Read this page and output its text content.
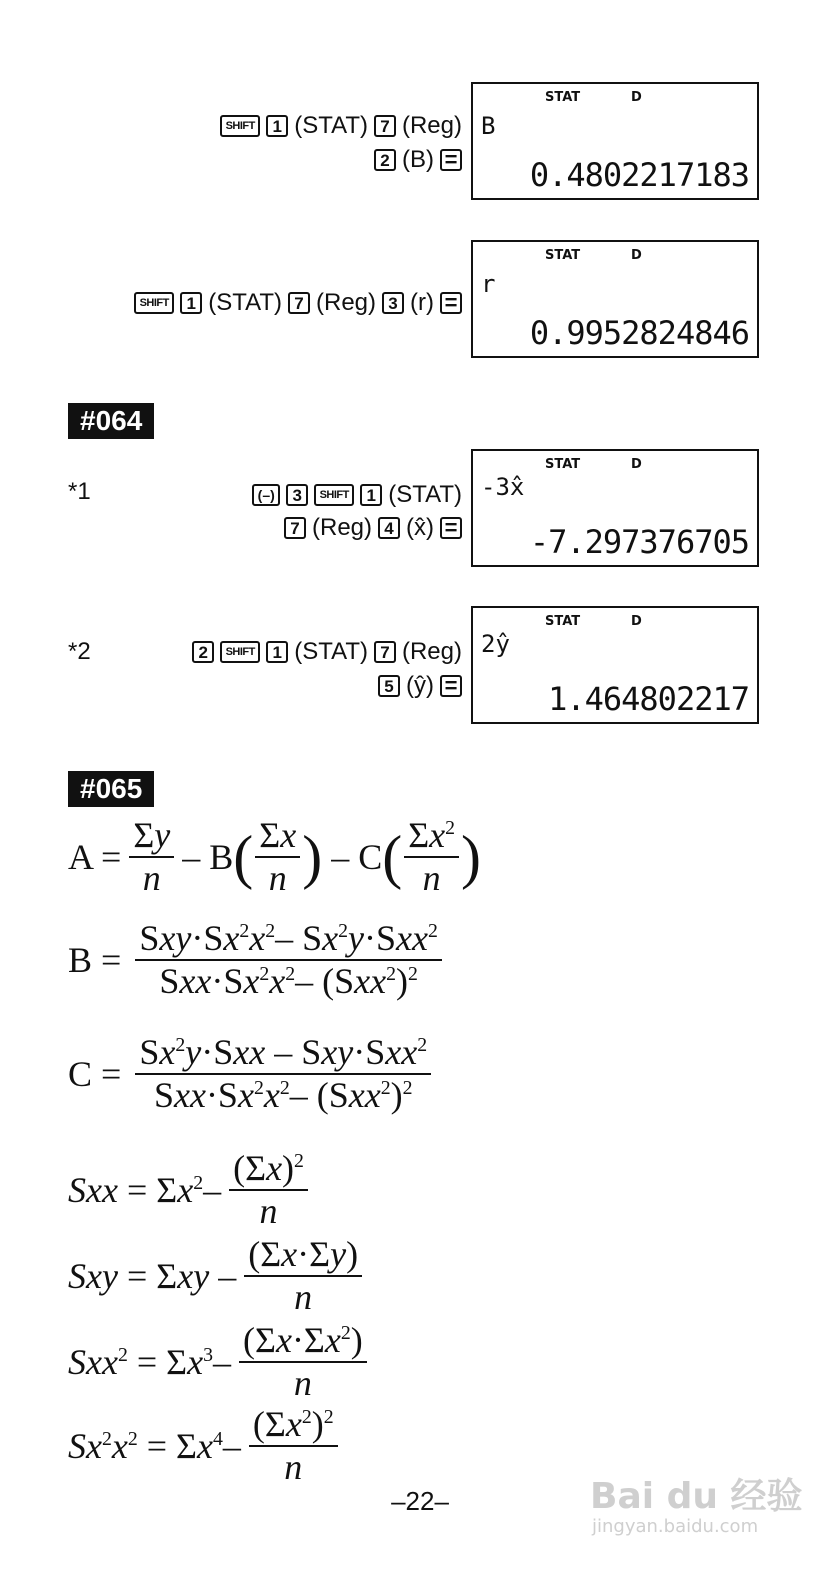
SHIFT	1 (STAT) 7 (Reg)
2 (B) =
STAT	D
B
0.4802217183
SHIFT	1 (STAT) 7 (Reg) 3 (r) =
STAT	D
r
0.9952824846
#064
*1	(–)	3	SHIFT	1 (STAT)
7 (Reg) 4 (x̂) =
STAT	D
-3x̂
-7.297376705
*2	2	SHIFT	1 (STAT) 7 (Reg)
5 (ŷ) =
STAT	D
2ŷ
1.464802217
#065
$A = \frac{\Sigma y}{n} - B$ ( $\frac{\Sigma x}{n}$ ) – C ( $\frac{\Sigma x^2}{n}$ )
$B = \frac{Sxy\cdot Sx^2x^2- Sx^2y\cdot Sxx^2}{Sxx\cdot Sx^2x^2- (Sxx^2)^2}$
$C = \frac{Sx^2y\cdot Sxx - Sxy\cdot Sxx^2}{Sxx\cdot Sx^2x^2- (Sxx^2)^2}$
Sxx = $\Sigma x^2- \frac{(\Sigma x)^2}{n}$
Sxy = Σxy – $\frac{(\Sigma x\cdot\Sigma y)}{n}$
$Sxx^2 = \Sigma x^3- \frac{(\Sigma x\cdot\Sigma x^2)}{n}$
$Sx^2x^2 = \Sigma x^4- \frac{(\Sigma x^2)^2}{n}$
–22–	Bai du 经验
jingyan.baidu.com
